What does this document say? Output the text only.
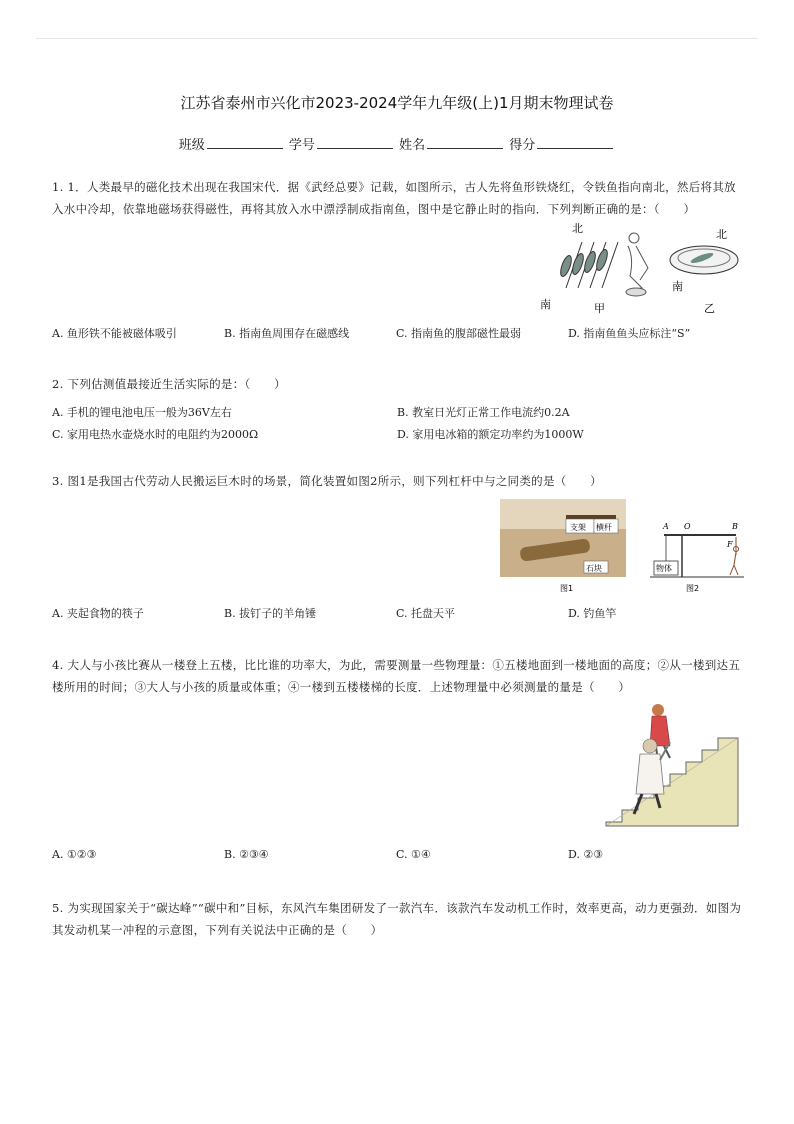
江苏省泰州市兴化市2023-2024学年九年级(上)1月期末物理试卷
班级	学号	姓名	得分
1. 1．人类最早的磁化技术出现在我国宋代．据《武经总要》记载，如图所示，古人先将鱼形铁烧红，令铁鱼指向南北，然后将其放入水中冷却，依靠地磁场获得磁性，再将其放入水中漂浮制成指南鱼，图中是它静止时的指向．下列判断正确的是：（　　）
北
南	甲
北
南
乙
A. 鱼形铁不能被磁体吸引	B. 指南鱼周围存在磁感线	C. 指南鱼的腹部磁性最弱	D. 指南鱼鱼头应标注“S”
2. 下列估测值最接近生活实际的是：（　　）
A. 手机的锂电池电压一般为36V左右	B. 教室日光灯正常工作电流约0.2A
C. 家用电热水壶烧水时的电阻约为2000Ω	D. 家用电冰箱的额定功率约为1000W
3. 图1是我国古代劳动人民搬运巨木时的场景，简化装置如图2所示，则下列杠杆中与之同类的是（　　）
支架 横杆
石块
图1
A O	B
物体
F
图2
A. 夹起食物的筷子	B. 拔钉子的羊角锤	C. 托盘天平	D. 钓鱼竿
4. 大人与小孩比赛从一楼登上五楼，比比谁的功率大，为此，需要测量一些物理量：①五楼地面到一楼地面的高度；②从一楼到达五楼所用的时间；③大人与小孩的质量或体重；④一楼到五楼楼梯的长度．上述物理量中必须测量的量是（　　）
A. ①②③	B. ②③④	C. ①④	D. ②③
5. 为实现国家关于“碳达峰”“碳中和”目标，东风汽车集团研发了一款汽车．该款汽车发动机工作时，效率更高，动力更强劲．如图为其发动机某一冲程的示意图，下列有关说法中正确的是（　　）
